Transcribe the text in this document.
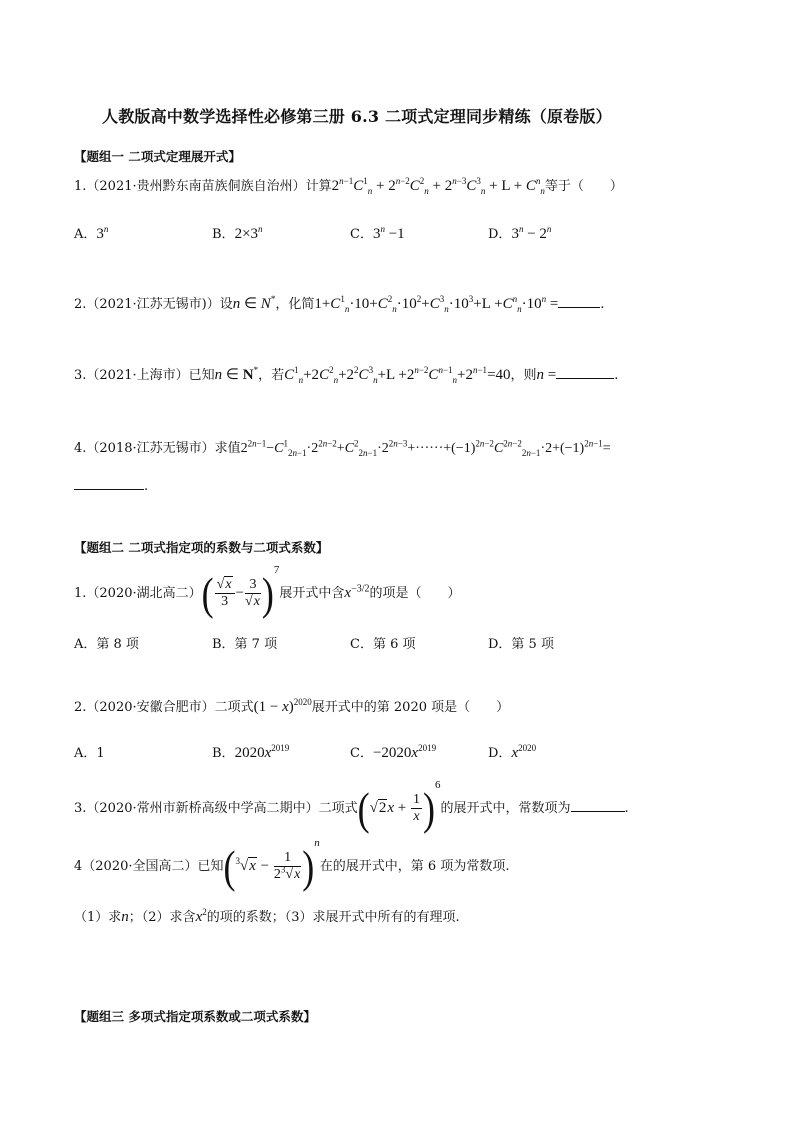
人教版高中数学选择性必修第三册 6.3 二项式定理同步精练（原卷版）
【题组一 二项式定理展开式】
1.（2021·贵州黔东南苗族侗族自治州）计算$2^{n-1}C^1_n + 2^{n-2}C^2_n + 2^{n-3}C^3_n + L + C^n_n$等于（　　）
A．3$^n$	B．$2\times 3^n$	C．$3^n -1$	D．$3^n - 2^n$
2.（2021·江苏无锡市)）设n ∈ N*，化简$1+C^1_n\cdot 10+C^2_n\cdot 10^2+C^3_n\cdot 10^3+L +C^n_n\cdot 10^n$ =	.
3.（2021·上海市）已知n ∈ N*，若$C^1_n+2C^2_n+2^2C^3_n+L +2^{n-2}C^{n-1}_n+2^{n-1}=40$，则n =	.
4.（2018·江苏无锡市）求值$2^{2n-1}-C^1_{2n-1}\cdot 2^{2n-2}+C^2_{2n-1}\cdot 2^{2n-3}+\cdot\cdot\cdot\cdot\cdot\cdot+(-1)^{2n-2}C^{2n-2}_{2n-1}\cdot 2+(-1)^{2n-1}=$
.
【题组二 二项式指定项的系数与二项式系数】
1.（2020·湖北高二）( $\frac{√x}{3} - \frac{3}{√x} )^7$展开式中含$x^{-3/2}$的项是（　　）
A．第 8 项	B．第 7 项	C．第 6 项	D．第 5 项
2.（2020·安徽合肥市）二项式$(1 - x)^{2020}$展开式中的第 2020 项是（　　）
A．1	B．$2020x^{2019}$	C．$-2020x^{2019}$	D．$x^{2020}$
3.（2020·常州市新桥高级中学高二期中）二项式$(√2x + \frac{1}{x} )^6$的展开式中，常数项为	.
4（2020·全国高二）已知$(^3√x - \frac{1}{2^3√x} )^n$在的展开式中，第 6 项为常数项.
（1）求n；（2）求含$x^2$的项的系数；（3）求展开式中所有的有理项.
【题组三 多项式指定项系数或二项式系数】
